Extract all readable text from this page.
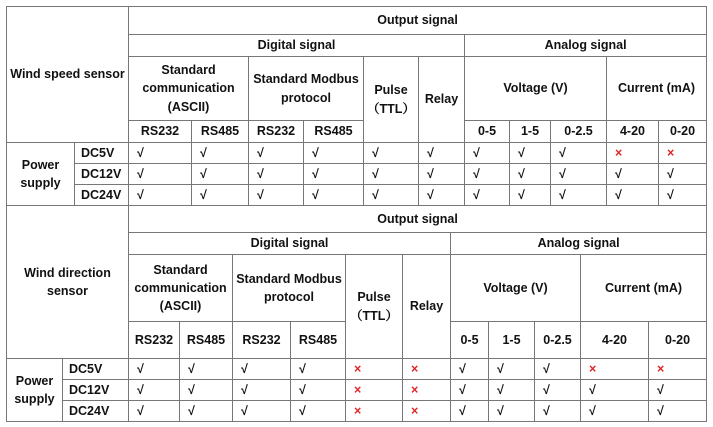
Wind speed sensor		Output signal										
		Digital signal						Analog signal				
		Standard communication (ASCII)		Standard Modbus protocol		Pulse（TTL）	Relay	Voltage (V)			Current (mA)	
		RS232	RS485	RS232	RS485			0-5	1-5	0-2.5	4-20	0-20
Power supply	DC5V	√	√	√	√	√	√	√	√	√	×	×
	DC12V	√	√	√	√	√	√	√	√	√	√	√
	DC24V	√	√	√	√	√	√	√	√	√	√	√
Wind direction sensor		Output signal										
		Digital signal						Analog signal				
		Standard communication (ASCII)		Standard Modbus protocol		Pulse（TTL）	Relay	Voltage (V)			Current (mA)	
		RS232	RS485	RS232	RS485			0-5	1-5	0-2.5	4-20	0-20
Power supply	DC5V	√	√	√	√	×	×	√	√	√	×	×
	DC12V	√	√	√	√	×	×	√	√	√	√	√
	DC24V	√	√	√	√	×	×	√	√	√	√	√
